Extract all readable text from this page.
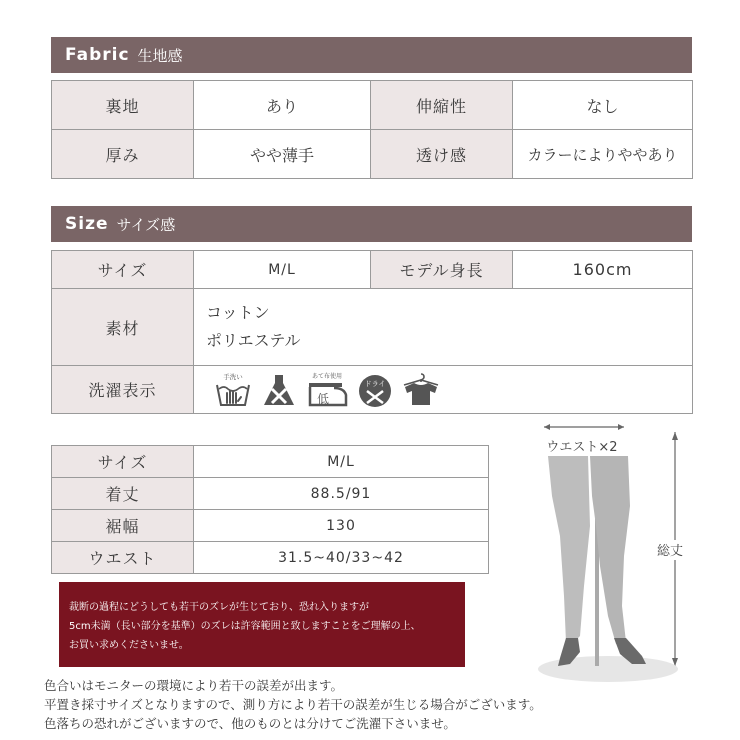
Fabric 生地感
裏地	あり	伸縮性	なし
厚み	やや薄手	透け感	カラーによりややあり
Size サイズ感
サイズ	M/L	モデル身長	160cm
素材	コットン
ポリエステル		

洗濯表示	手洗い あて布使用
低
ドライ		
サイズ	M/L
着丈	88.5/91
裾幅	130
ウエスト	31.5~40/33~42
裁断の過程にどうしても若干のズレが生じており、恐れ入りますが
5cm未満（長い部分を基準）のズレは許容範囲と致しますことをご理解の上、
お買い求めくださいませ。
色合いはモニターの環境により若干の誤差が出ます。
平置き採寸サイズとなりますので、測り方により若干の誤差が生じる場合がございます。
色落ちの恐れがございますので、他のものとは分けてご洗濯下さいませ。
ウエスト×2
総丈
